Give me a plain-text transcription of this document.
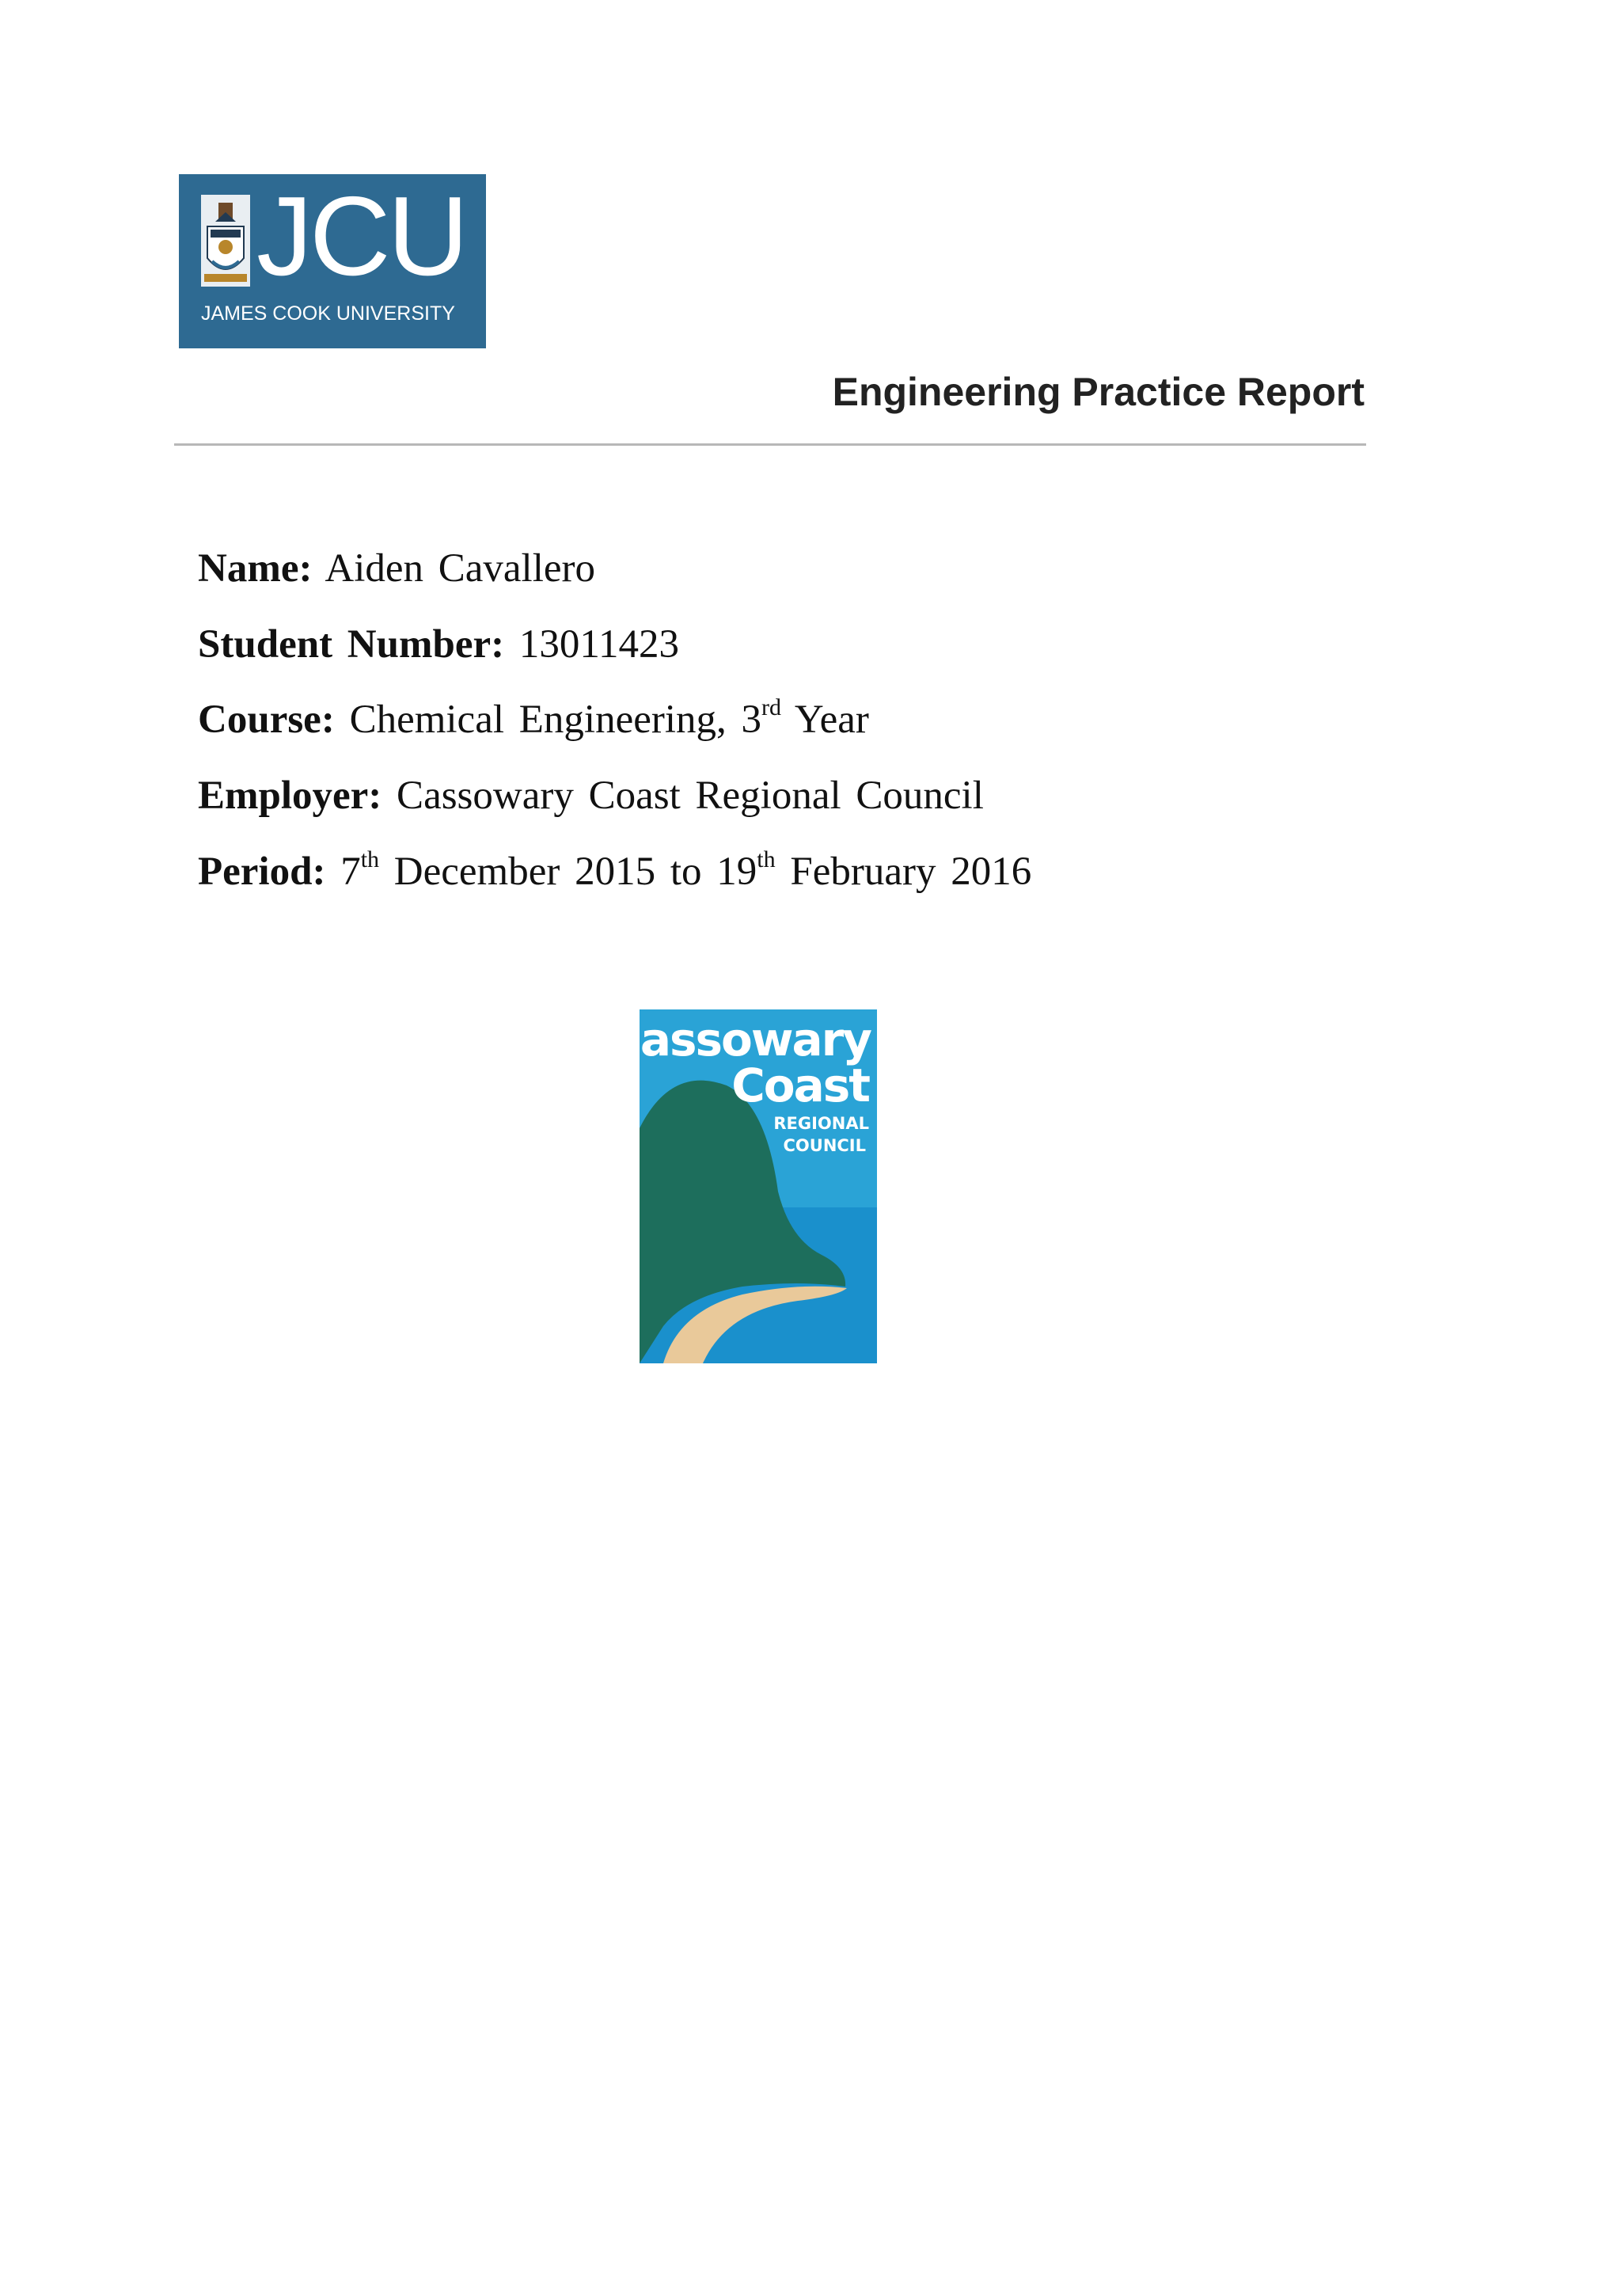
JCU
JAMES COOK UNIVERSITY
Engineering Practice Report
Name: Aiden Cavallero
Student Number: 13011423
Course: Chemical Engineering, 3rd Year
Employer: Cassowary Coast Regional Council
Period: 7th December 2015 to 19th February 2016
Cassowary
Coast
REGIONAL
COUNCIL
